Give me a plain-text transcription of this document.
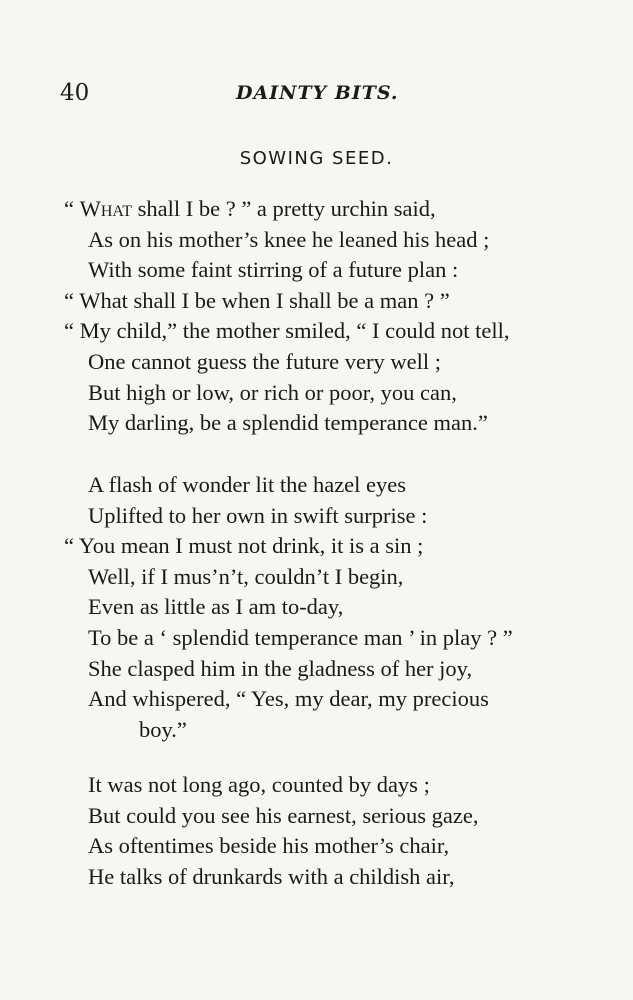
40	DAINTY BITS.
SOWING SEED.
“ What shall I be ? ” a pretty urchin said,
As on his mother’s knee he leaned his head ;
With some faint stirring of a future plan :
“ What shall I be when I shall be a man ? ”
“ My child,” the mother smiled, “ I could not tell,
One cannot guess the future very well ;
But high or low, or rich or poor, you can,
My darling, be a splendid temperance man.”
A flash of wonder lit the hazel eyes
Uplifted to her own in swift surprise :
“ You mean I must not drink, it is a sin ;
Well, if I mus’n’t, couldn’t I begin,
Even as little as I am to-day,
To be a ‘ splendid temperance man ’ in play ? ”
She clasped him in the gladness of her joy,
And whispered, “ Yes, my dear, my precious
boy.”
It was not long ago, counted by days ;
But could you see his earnest, serious gaze,
As oftentimes beside his mother’s chair,
He talks of drunkards with a childish air,
